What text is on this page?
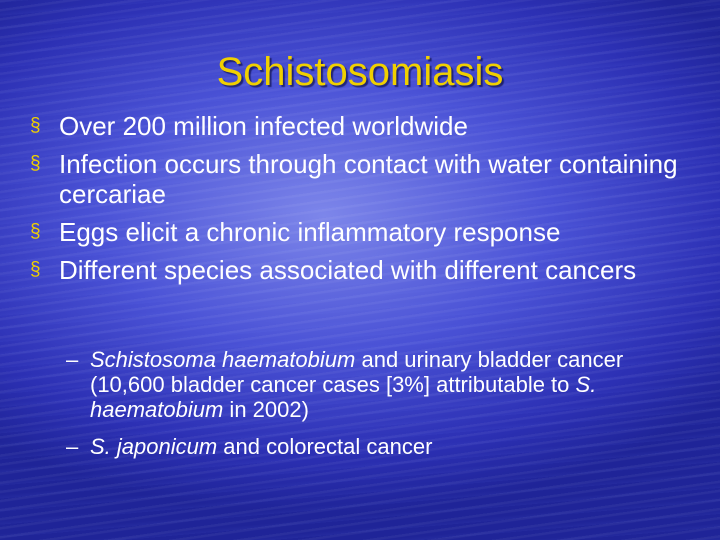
Schistosomiasis
§ Over 200 million infected worldwide
§ Infection occurs through contact with water containing cercariae
§ Eggs elicit a chronic inflammatory response
§ Different species associated with different cancers
– Schistosoma haematobium and urinary bladder cancer (10,600 bladder cancer cases [3%] attributable to S. haematobium in 2002)
– S. japonicum and colorectal cancer
